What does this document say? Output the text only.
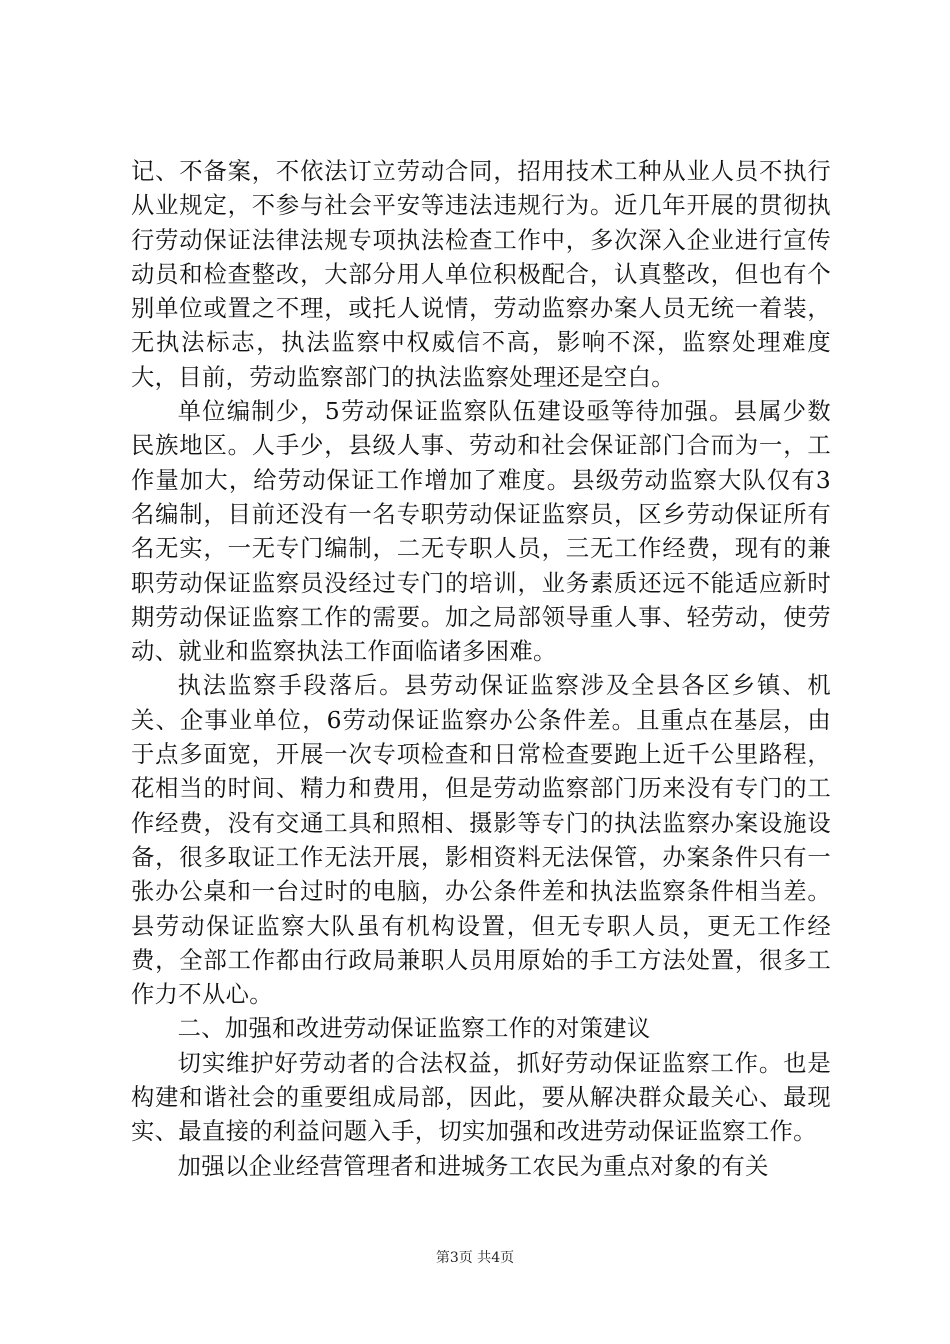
记、不备案，不依法订立劳动合同，招用技术工种从业人员不执行从业规定，不参与社会平安等违法违规行为。近几年开展的贯彻执行劳动保证法律法规专项执法检查工作中，多次深入企业进行宣传动员和检查整改，大部分用人单位积极配合，认真整改，但也有个别单位或置之不理，或托人说情，劳动监察办案人员无统一着装，无执法标志，执法监察中权威信不高，影响不深，监察处理难度大，目前，劳动监察部门的执法监察处理还是空白。

单位编制少，5劳动保证监察队伍建设亟等待加强。县属少数民族地区。人手少，县级人事、劳动和社会保证部门合而为一，工作量加大，给劳动保证工作增加了难度。县级劳动监察大队仅有3名编制，目前还没有一名专职劳动保证监察员，区乡劳动保证所有名无实，一无专门编制，二无专职人员，三无工作经费，现有的兼职劳动保证监察员没经过专门的培训，业务素质还远不能适应新时期劳动保证监察工作的需要。加之局部领导重人事、轻劳动，使劳动、就业和监察执法工作面临诸多困难。

执法监察手段落后。县劳动保证监察涉及全县各区乡镇、机关、企事业单位，6劳动保证监察办公条件差。且重点在基层，由于点多面宽，开展一次专项检查和日常检查要跑上近千公里路程，花相当的时间、精力和费用，但是劳动监察部门历来没有专门的工作经费，没有交通工具和照相、摄影等专门的执法监察办案设施设备，很多取证工作无法开展，影相资料无法保管，办案条件只有一张办公桌和一台过时的电脑，办公条件差和执法监察条件相当差。县劳动保证监察大队虽有机构设置，但无专职人员，更无工作经费，全部工作都由行政局兼职人员用原始的手工方法处置，很多工作力不从心。

二、加强和改进劳动保证监察工作的对策建议

切实维护好劳动者的合法权益，抓好劳动保证监察工作。也是构建和谐社会的重要组成局部，因此，要从解决群众最关心、最现实、最直接的利益问题入手，切实加强和改进劳动保证监察工作。

加强以企业经营管理者和进城务工农民为重点对象的有关

第3页 共4页
